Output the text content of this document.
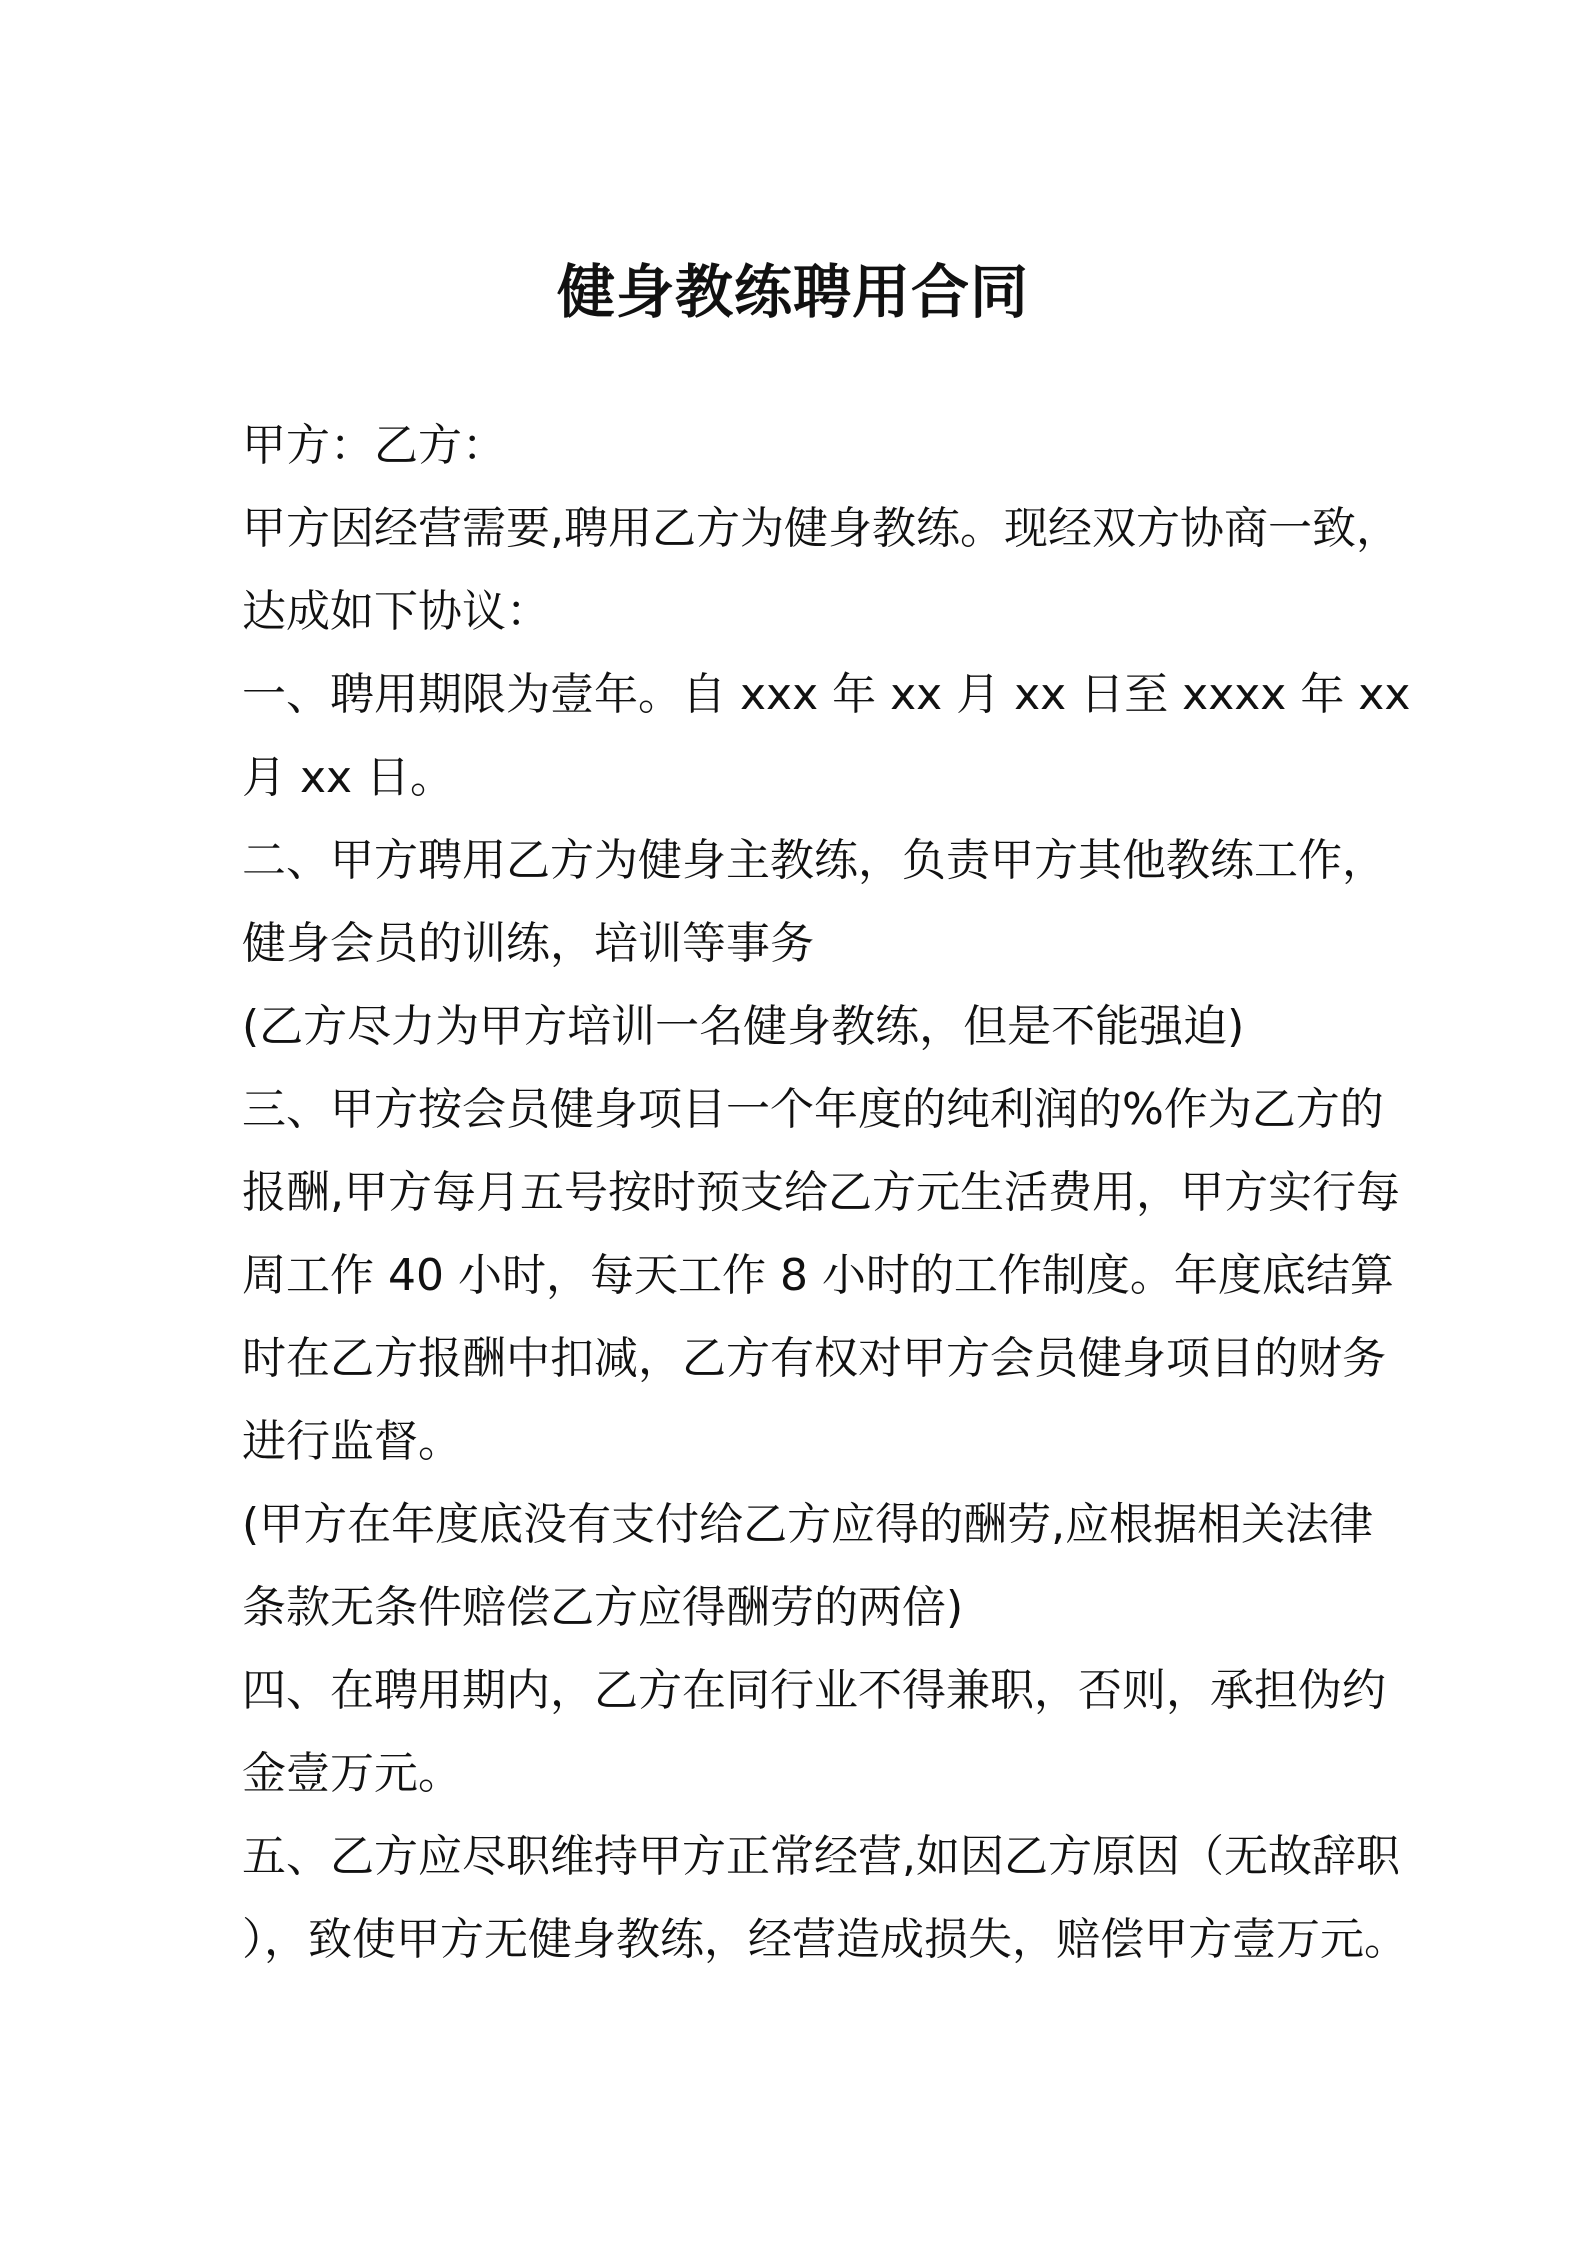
健身教练聘用合同

甲方：乙方：

甲方因经营需要,聘用乙方为健身教练。现经双方协商一致，

达成如下协议：

一、聘用期限为壹年。自 xxx 年 xx 月 xx 日至 xxxx 年 xx

月 xx 日。

二、甲方聘用乙方为健身主教练，负责甲方其他教练工作，

健身会员的训练，培训等事务

(乙方尽力为甲方培训一名健身教练，但是不能强迫)

三、甲方按会员健身项目一个年度的纯利润的%作为乙方的

报酬,甲方每月五号按时预支给乙方元生活费用，甲方实行每

周工作 40 小时，每天工作 8 小时的工作制度。年度底结算

时在乙方报酬中扣减，乙方有权对甲方会员健身项目的财务

进行监督。

(甲方在年度底没有支付给乙方应得的酬劳,应根据相关法律

条款无条件赔偿乙方应得酬劳的两倍)

四、在聘用期内，乙方在同行业不得兼职，否则，承担伪约

金壹万元。

五、乙方应尽职维持甲方正常经营,如因乙方原因（无故辞职

），致使甲方无健身教练，经营造成损失，赔偿甲方壹万元。
